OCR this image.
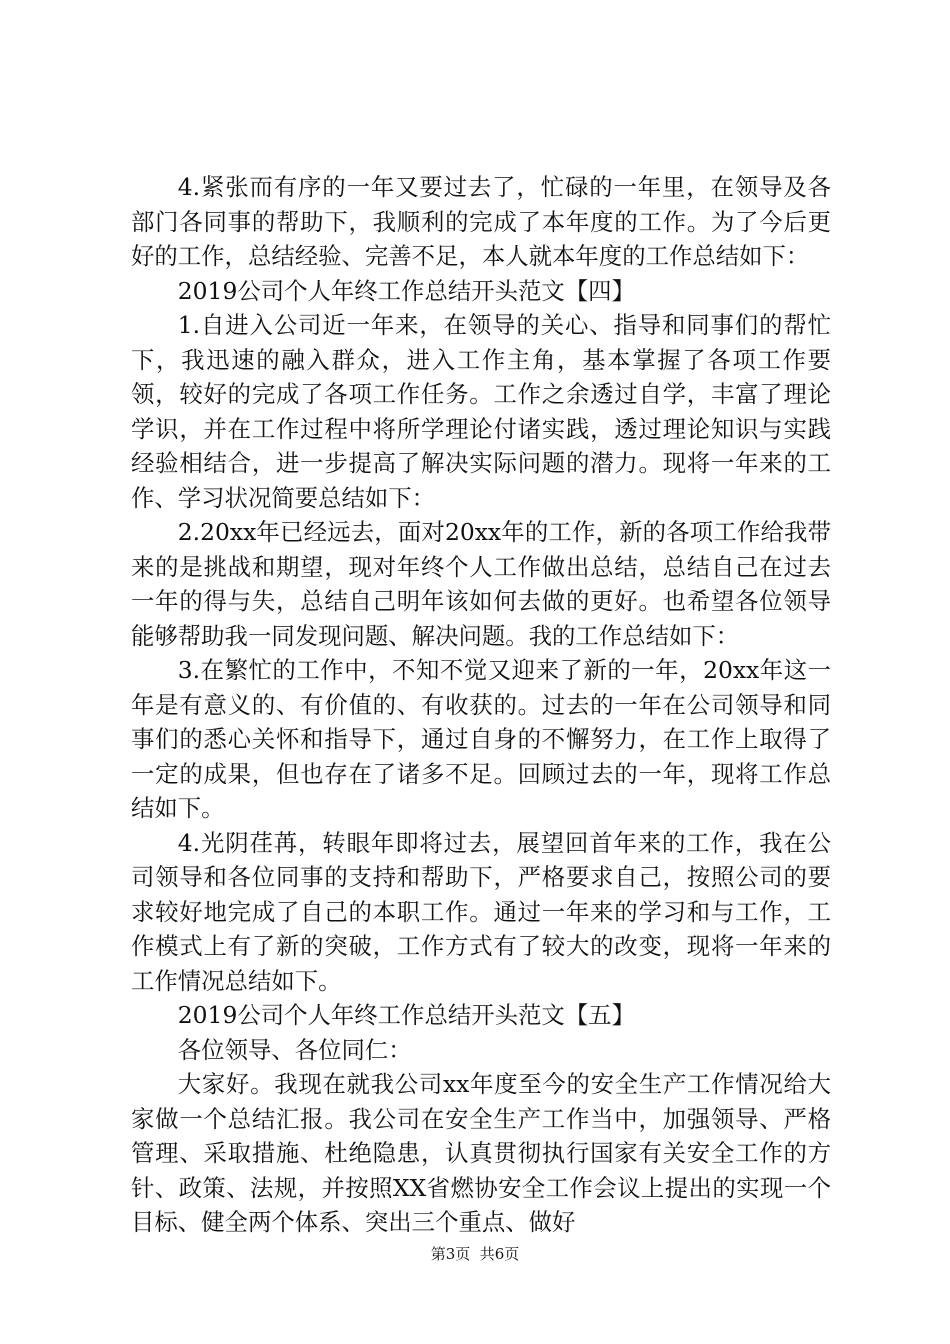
4.紧张而有序的一年又要过去了，忙碌的一年里，在领导及各部门各同事的帮助下，我顺利的完成了本年度的工作。为了今后更好的工作，总结经验、完善不足，本人就本年度的工作总结如下：

2019公司个人年终工作总结开头范文【四】

1.自进入公司近一年来，在领导的关心、指导和同事们的帮忙下，我迅速的融入群众，进入工作主角，基本掌握了各项工作要领，较好的完成了各项工作任务。工作之余透过自学，丰富了理论学识，并在工作过程中将所学理论付诸实践，透过理论知识与实践经验相结合，进一步提高了解决实际问题的潜力。现将一年来的工作、学习状况简要总结如下：

2.20xx年已经远去，面对20xx年的工作，新的各项工作给我带来的是挑战和期望，现对年终个人工作做出总结，总结自己在过去一年的得与失，总结自己明年该如何去做的更好。也希望各位领导能够帮助我一同发现问题、解决问题。我的工作总结如下：

3.在繁忙的工作中，不知不觉又迎来了新的一年，20xx年这一年是有意义的、有价值的、有收获的。过去的一年在公司领导和同事们的悉心关怀和指导下，通过自身的不懈努力，在工作上取得了一定的成果，但也存在了诸多不足。回顾过去的一年，现将工作总结如下。

4.光阴荏苒，转眼年即将过去，展望回首年来的工作，我在公司领导和各位同事的支持和帮助下，严格要求自己，按照公司的要求较好地完成了自己的本职工作。通过一年来的学习和与工作，工作模式上有了新的突破，工作方式有了较大的改变，现将一年来的工作情况总结如下。

2019公司个人年终工作总结开头范文【五】

各位领导、各位同仁：

大家好。我现在就我公司xx年度至今的安全生产工作情况给大家做一个总结汇报。我公司在安全生产工作当中，加强领导、严格管理、采取措施、杜绝隐患，认真贯彻执行国家有关安全工作的方针、政策、法规，并按照XX省燃协安全工作会议上提出的实现一个目标、健全两个体系、突出三个重点、做好

第3页  共6页
